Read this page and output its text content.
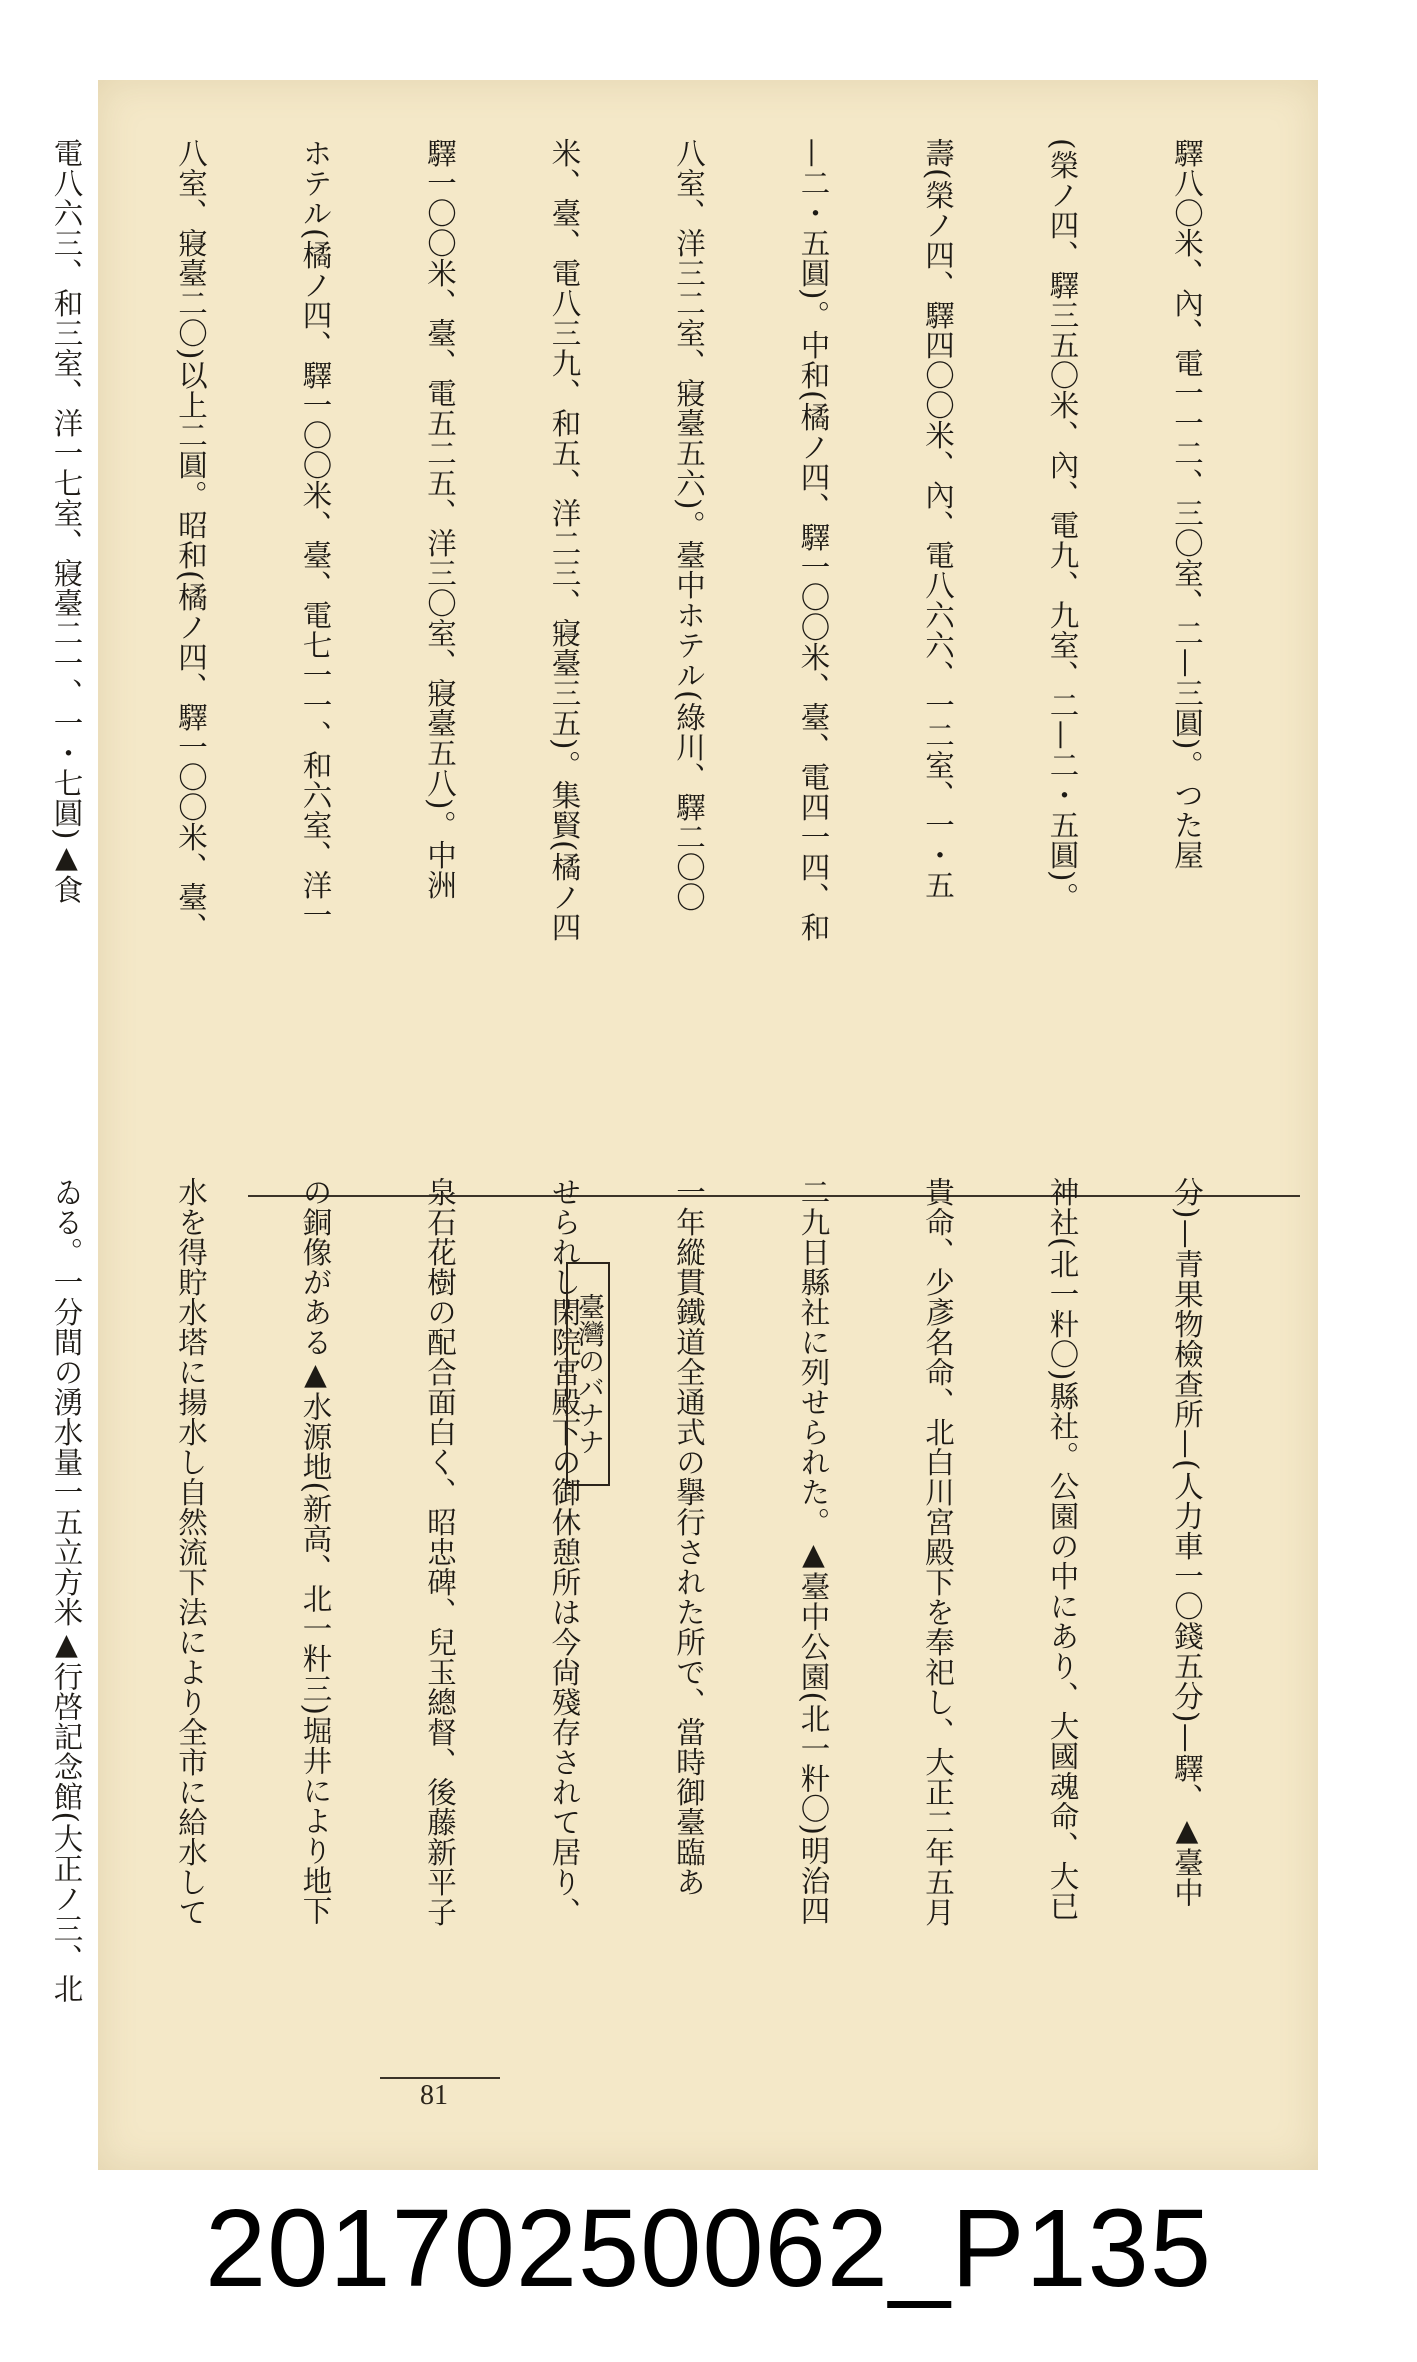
驛八〇米、內、電一一二、三〇室、二—三圓)。つた屋

(榮ノ四、驛三五〇米、內、電九、九室、二—二・五圓)。

壽(榮ノ四、驛四〇〇米、內、電八六六、一二室、一・五

—二・五圓)。中和(橘ノ四、驛一〇〇米、臺、電四一四、和

八室、洋三二室、寢臺五六)。臺中ホテル(綠川、驛二〇〇

米、臺、電八三九、和五、洋二三、寢臺三五)。集賢(橘ノ四

驛一〇〇米、臺、電五二五、洋三〇室、寢臺五八)。中洲

ホテル(橘ノ四、驛一〇〇米、臺、電七一一、和六室、洋一

八室、寢臺二〇)以上二圓。昭和(橘ノ四、驛一〇〇米、臺、

電八六三、和三室、洋一七室、寢臺二一、一・七圓)▲食

分)—青果物檢查所—(人力車一〇錢五分)—驛、▲臺中

神社(北一籵〇)縣社。公園の中にあり、大國魂命、大已

貴命、少彥名命、北白川宮殿下を奉祀し、大正二年五月

二九日縣社に列せられた。▲臺中公園(北一籵〇)明治四

一年縱貫鐵道全通式の擧行された所で、當時御臺臨あ

せられし閑院宮殿下の御休憩所は今尙殘存されて居り、

泉石花樹の配合面白く、昭忠碑、兒玉總督、後藤新平子

の銅像がある▲水源地(新高、北一籵三)堀井により地下

水を得貯水塔に揚水し自然流下法により全市に給水して

ゐる。一分間の湧水量一五立方米▲行啓記念館(大正ノ三、北

	臺灣のバナナ
81
20170250062_P135
